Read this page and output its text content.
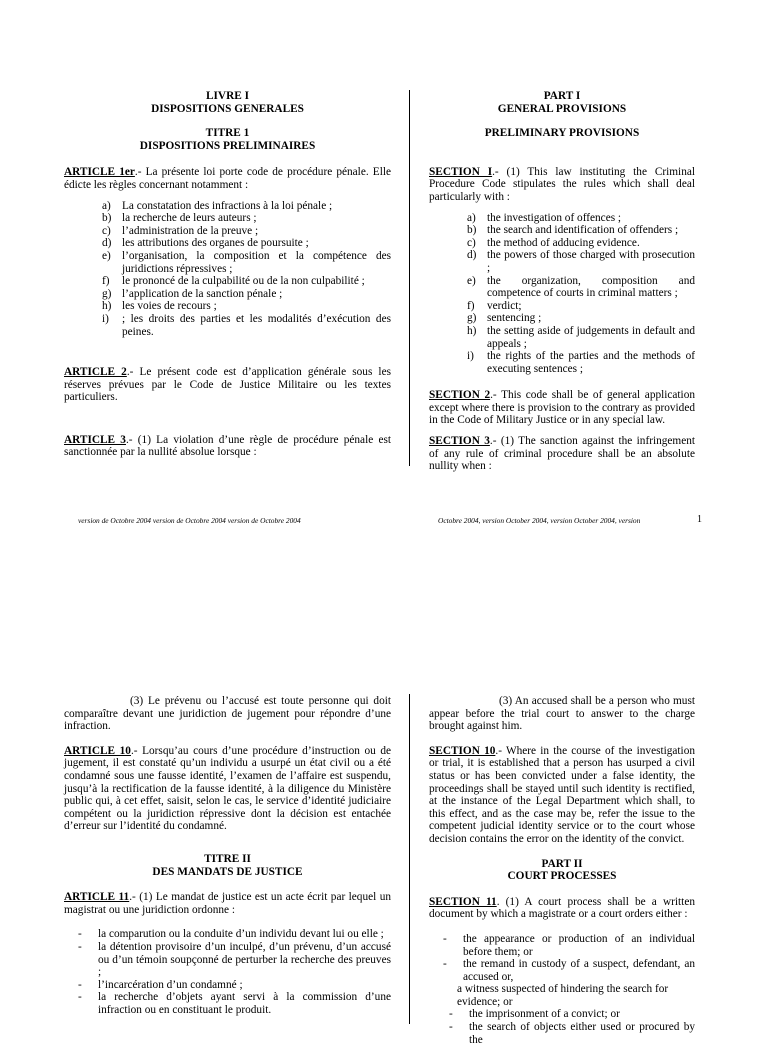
LIVRE I

DISPOSITIONS GENERALES

TITRE 1

DISPOSITIONS PRELIMINAIRES

ARTICLE 1er.- La présente loi porte code de procédure pénale. Elle édicte les règles concernant notamment :

a) La constatation des infractions à la loi pénale ;
b) la recherche de leurs auteurs ;
c) l’administration de la preuve ;
d) les attributions des organes de poursuite ;
e) l’organisation, la composition et la compétence des juridictions répressives ;
f) le prononcé de la culpabilité ou de la non culpabilité ;
g) l’application de la sanction pénale ;
h) les voies de recours ;
i) ; les droits des parties et les modalités d’exécution des peines.

ARTICLE 2.- Le présent code est d’application générale sous les réserves prévues par le Code de Justice Militaire ou les textes particuliers.

ARTICLE 3.- (1) La violation d’une règle de procédure pénale est sanctionnée par la nullité absolue lorsque :

PART I

GENERAL PROVISIONS

PRELIMINARY PROVISIONS

SECTION I.- (1) This law instituting the Criminal Procedure Code stipulates the rules which shall deal particularly with :

a) the investigation of offences ;
b) the search and identification of offenders ;
c) the method of adducing evidence.
d) the powers of those charged with prosecution ;
e) the organization, composition and competence of courts in criminal matters ;
f) verdict;
g) sentencing ;
h) the setting aside of judgements in default and appeals ;
i) the rights of the parties and the methods of executing sentences ;

SECTION 2.- This code shall be of general application except where there is provision to the contrary as provided in the Code of Military Justice or in any special law.

SECTION 3.- (1) The sanction against the infringement of any rule of criminal procedure shall be an absolute nullity when :

version de Octobre 2004 version de Octobre 2004 version de Octobre 2004	Octobre 2004, version October 2004, version October 2004, version	1

(3) Le prévenu ou l’accusé est toute personne qui doit comparaître devant une juridiction de jugement pour répondre d’une infraction.

ARTICLE 10.- Lorsqu’au cours d’une procédure d’instruction ou de jugement, il est constaté qu’un individu a usurpé un état civil ou a été condamné sous une fausse identité, l’examen de l’affaire est suspendu, jusqu’à la rectification de la fausse identité, à la diligence du Ministère public qui, à cet effet, saisit, selon le cas, le service d’identité judiciaire compétent ou la juridiction répressive dont la décision est entachée d’erreur sur l’identité du condamné.

TITRE II

DES MANDATS DE JUSTICE

ARTICLE 11.- (1) Le mandat de justice est un acte écrit par lequel un magistrat ou une juridiction ordonne :

- la comparution ou la conduite d’un individu devant lui ou elle ;
- la détention provisoire d’un inculpé, d’un prévenu, d’un accusé ou d’un témoin soupçonné de perturber la recherche des preuves ;
- l’incarcération d’un condamné ;
- la recherche d’objets ayant servi à la commission d’une infraction ou en constituant le produit.

(3) An accused shall be a person who must appear before the trial court to answer to the charge brought against him.

SECTION 10.- Where in the course of the investigation or trial, it is established that a person has usurped a civil status or has been convicted under a false identity, the proceedings shall be stayed until such identity is rectified, at the instance of the Legal Department which shall, to this effect, and as the case may be, refer the issue to the competent judicial identity service or to the court whose decision contains the error on the identity of the convict.

PART II

COURT PROCESSES

SECTION 11. (1) A court process shall be a written document by which a magistrate or a court orders either :

- the appearance or production of an individual before them; or
- the remand in custody of a suspect, defendant, an accused or,

a witness suspected of hindering the search for evidence; or

- the imprisonment of a convict; or
- the search of objects either used or procured by the
